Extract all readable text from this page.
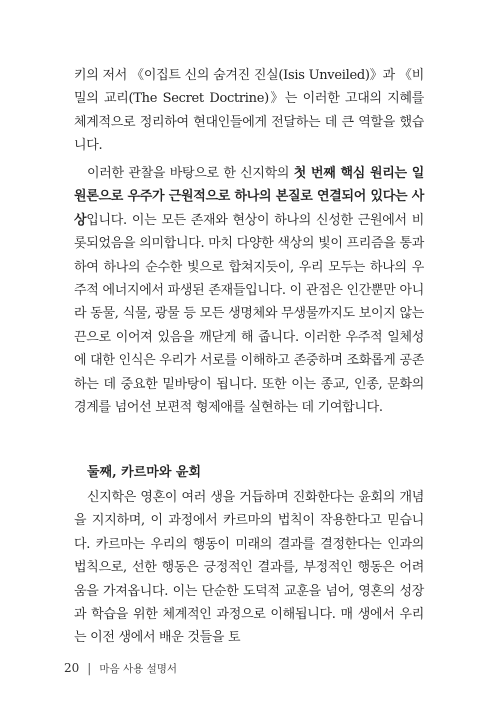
키의 저서 《이집트 신의 숨겨진 진실(Isis Unveiled)》과 《비밀의 교리(The Secret Doctrine)》는 이러한 고대의 지혜를 체계적으로 정리하여 현대인들에게 전달하는 데 큰 역할을 했습니다.

이러한 관찰을 바탕으로 한 신지학의 첫 번째 핵심 원리는 일원론으로 우주가 근원적으로 하나의 본질로 연결되어 있다는 사상입니다. 이는 모든 존재와 현상이 하나의 신성한 근원에서 비롯되었음을 의미합니다. 마치 다양한 색상의 빛이 프리즘을 통과하여 하나의 순수한 빛으로 합쳐지듯이, 우리 모두는 하나의 우주적 에너지에서 파생된 존재들입니다. 이 관점은 인간뿐만 아니라 동물, 식물, 광물 등 모든 생명체와 무생물까지도 보이지 않는 끈으로 이어져 있음을 깨닫게 해 줍니다. 이러한 우주적 일체성에 대한 인식은 우리가 서로를 이해하고 존중하며 조화롭게 공존하는 데 중요한 밑바탕이 됩니다. 또한 이는 종교, 인종, 문화의 경계를 넘어선 보편적 형제애를 실현하는 데 기여합니다.

둘째, 카르마와 윤회

신지학은 영혼이 여러 생을 거듭하며 진화한다는 윤회의 개념을 지지하며, 이 과정에서 카르마의 법칙이 작용한다고 믿습니다. 카르마는 우리의 행동이 미래의 결과를 결정한다는 인과의 법칙으로, 선한 행동은 긍정적인 결과를, 부정적인 행동은 어려움을 가져옵니다. 이는 단순한 도덕적 교훈을 넘어, 영혼의 성장과 학습을 위한 체계적인 과정으로 이해됩니다. 매 생에서 우리는 이전 생에서 배운 것들을 토

20 | 마음 사용 설명서
